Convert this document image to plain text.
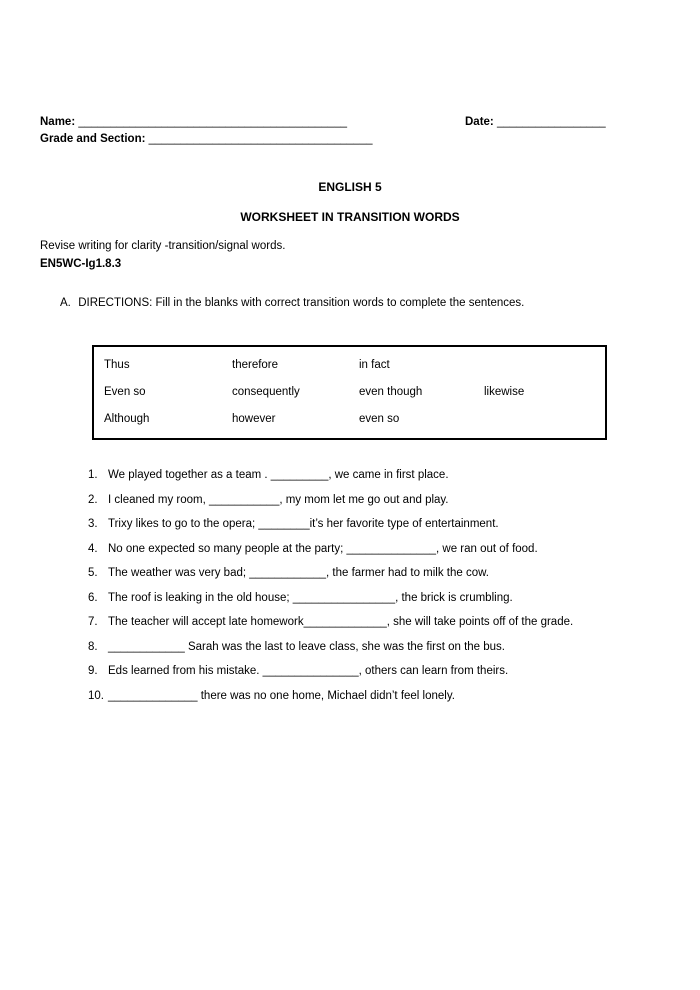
Name: __________________________________________	Date: _________________
Grade and Section: ___________________________________
ENGLISH 5
WORKSHEET IN TRANSITION WORDS
Revise writing for clarity -transition/signal words.
EN5WC-Ig1.8.3
A. DIRECTIONS: Fill in the blanks with correct transition words to complete the sentences.
Thus	therefore	in fact
Even so	consequently	even though	likewise
Although	however	even so
1. We played together as a team . _________, we came in first place.
2. I cleaned my room, ___________, my mom let me go out and play.
3. Trixy likes to go to the opera; ________it’s her favorite type of entertainment.
4. No one expected so many people at the party; ______________, we ran out of food.
5. The weather was very bad; ____________, the farmer had to milk the cow.
6. The roof is leaking in the old house; ________________, the brick is crumbling.
7. The teacher will accept late homework_____________, she will take points off of the grade.
8. ____________ Sarah was the last to leave class, she was the first on the bus.
9. Eds learned from his mistake. _______________, others can learn from theirs.
10. ______________ there was no one home, Michael didn’t feel lonely.
